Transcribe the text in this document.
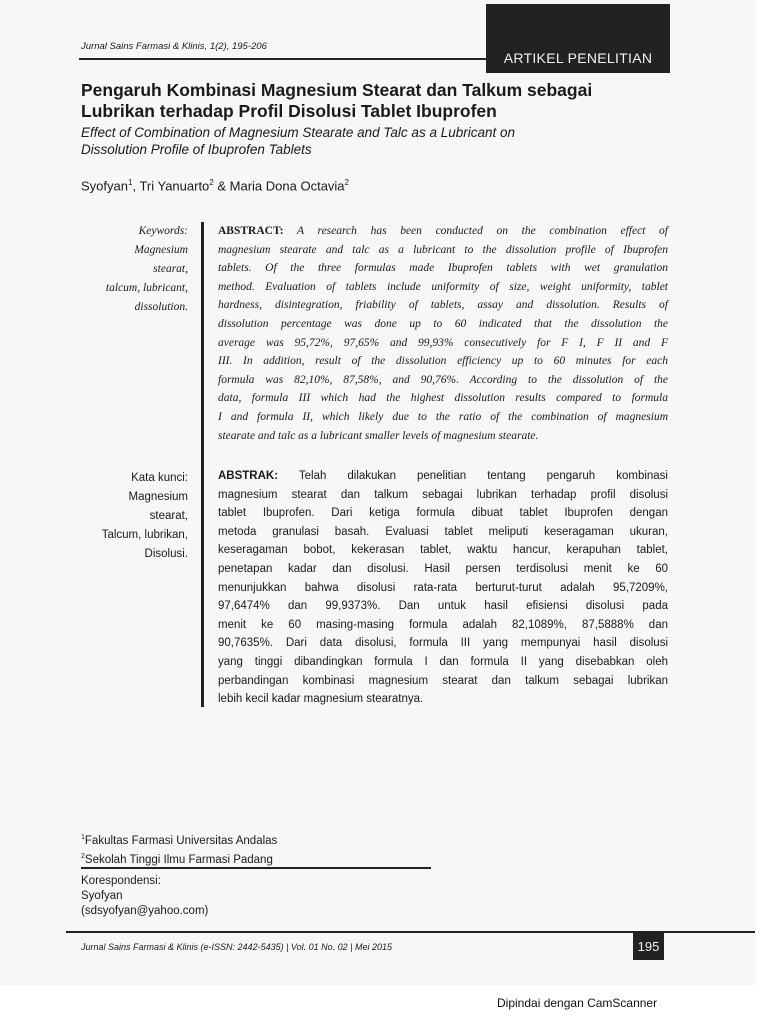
Jurnal Sains Farmasi & Klinis, 1(2), 195-206
ARTIKEL PENELITIAN
Pengaruh Kombinasi Magnesium Stearat dan Talkum sebagai
Lubrikan terhadap Profil Disolusi Tablet Ibuprofen
Effect of Combination of Magnesium Stearate and Talc as a Lubricant on
Dissolution Profile of Ibuprofen Tablets
Syofyan$^1$, Tri Yanuarto$^2$ & Maria Dona Octavia$^2$
Keywords:
Magnesium
stearat,
talcum, lubricant,
dissolution.
ABSTRACT: A research has been conducted on the combination effect of
magnesium stearate and talc as a lubricant to the dissolution profile of Ibuprofen
tablets. Of the three formulas made Ibuprofen tablets with wet granulation
method. Evaluation of tablets include uniformity of size, weight uniformity, tablet
hardness, disintegration, friability of tablets, assay and dissolution. Results of
dissolution percentage was done up to 60 indicated that the dissolution the
average was 95,72%, 97,65% and 99,93% consecutively for F I, F II and F
III. In addition, result of the dissolution efficiency up to 60 minutes for each
formula was 82,10%, 87,58%, and 90,76%. According to the dissolution of the
data, formula III which had the highest dissolution results compared to formula
I and formula II, which likely due to the ratio of the combination of magnesium
stearate and talc as a lubricant smaller levels of magnesium stearate.
Kata kunci:
Magnesium
stearat,
Talcum, lubrikan,
Disolusi.
ABSTRAK: Telah dilakukan penelitian tentang pengaruh kombinasi
magnesium stearat dan talkum sebagai lubrikan terhadap profil disolusi
tablet Ibuprofen. Dari ketiga formula dibuat tablet Ibuprofen dengan
metoda granulasi basah. Evaluasi tablet meliputi keseragaman ukuran,
keseragaman bobot, kekerasan tablet, waktu hancur, kerapuhan tablet,
penetapan kadar dan disolusi. Hasil persen terdisolusi menit ke 60
menunjukkan bahwa disolusi rata-rata berturut-turut adalah 95,7209%,
97,6474% dan 99,9373%. Dan untuk hasil efisiensi disolusi pada
menit ke 60 masing-masing formula adalah 82,1089%, 87,5888% dan
90,7635%. Dari data disolusi, formula III yang mempunyai hasil disolusi
yang tinggi dibandingkan formula I dan formula II yang disebabkan oleh
perbandingan kombinasi magnesium stearat dan talkum sebagai lubrikan
lebih kecil kadar magnesium stearatnya.
$^1$Fakultas Farmasi Universitas Andalas
$^2$Sekolah Tinggi Ilmu Farmasi Padang
Korespondensi:
Syofyan
(sdsyofyan@yahoo.com)
Jurnal Sains Farmasi & Klinis (e-ISSN: 2442-5435) | Vol. 01 No. 02 | Mei 2015	195
Dipindai dengan CamScanner
